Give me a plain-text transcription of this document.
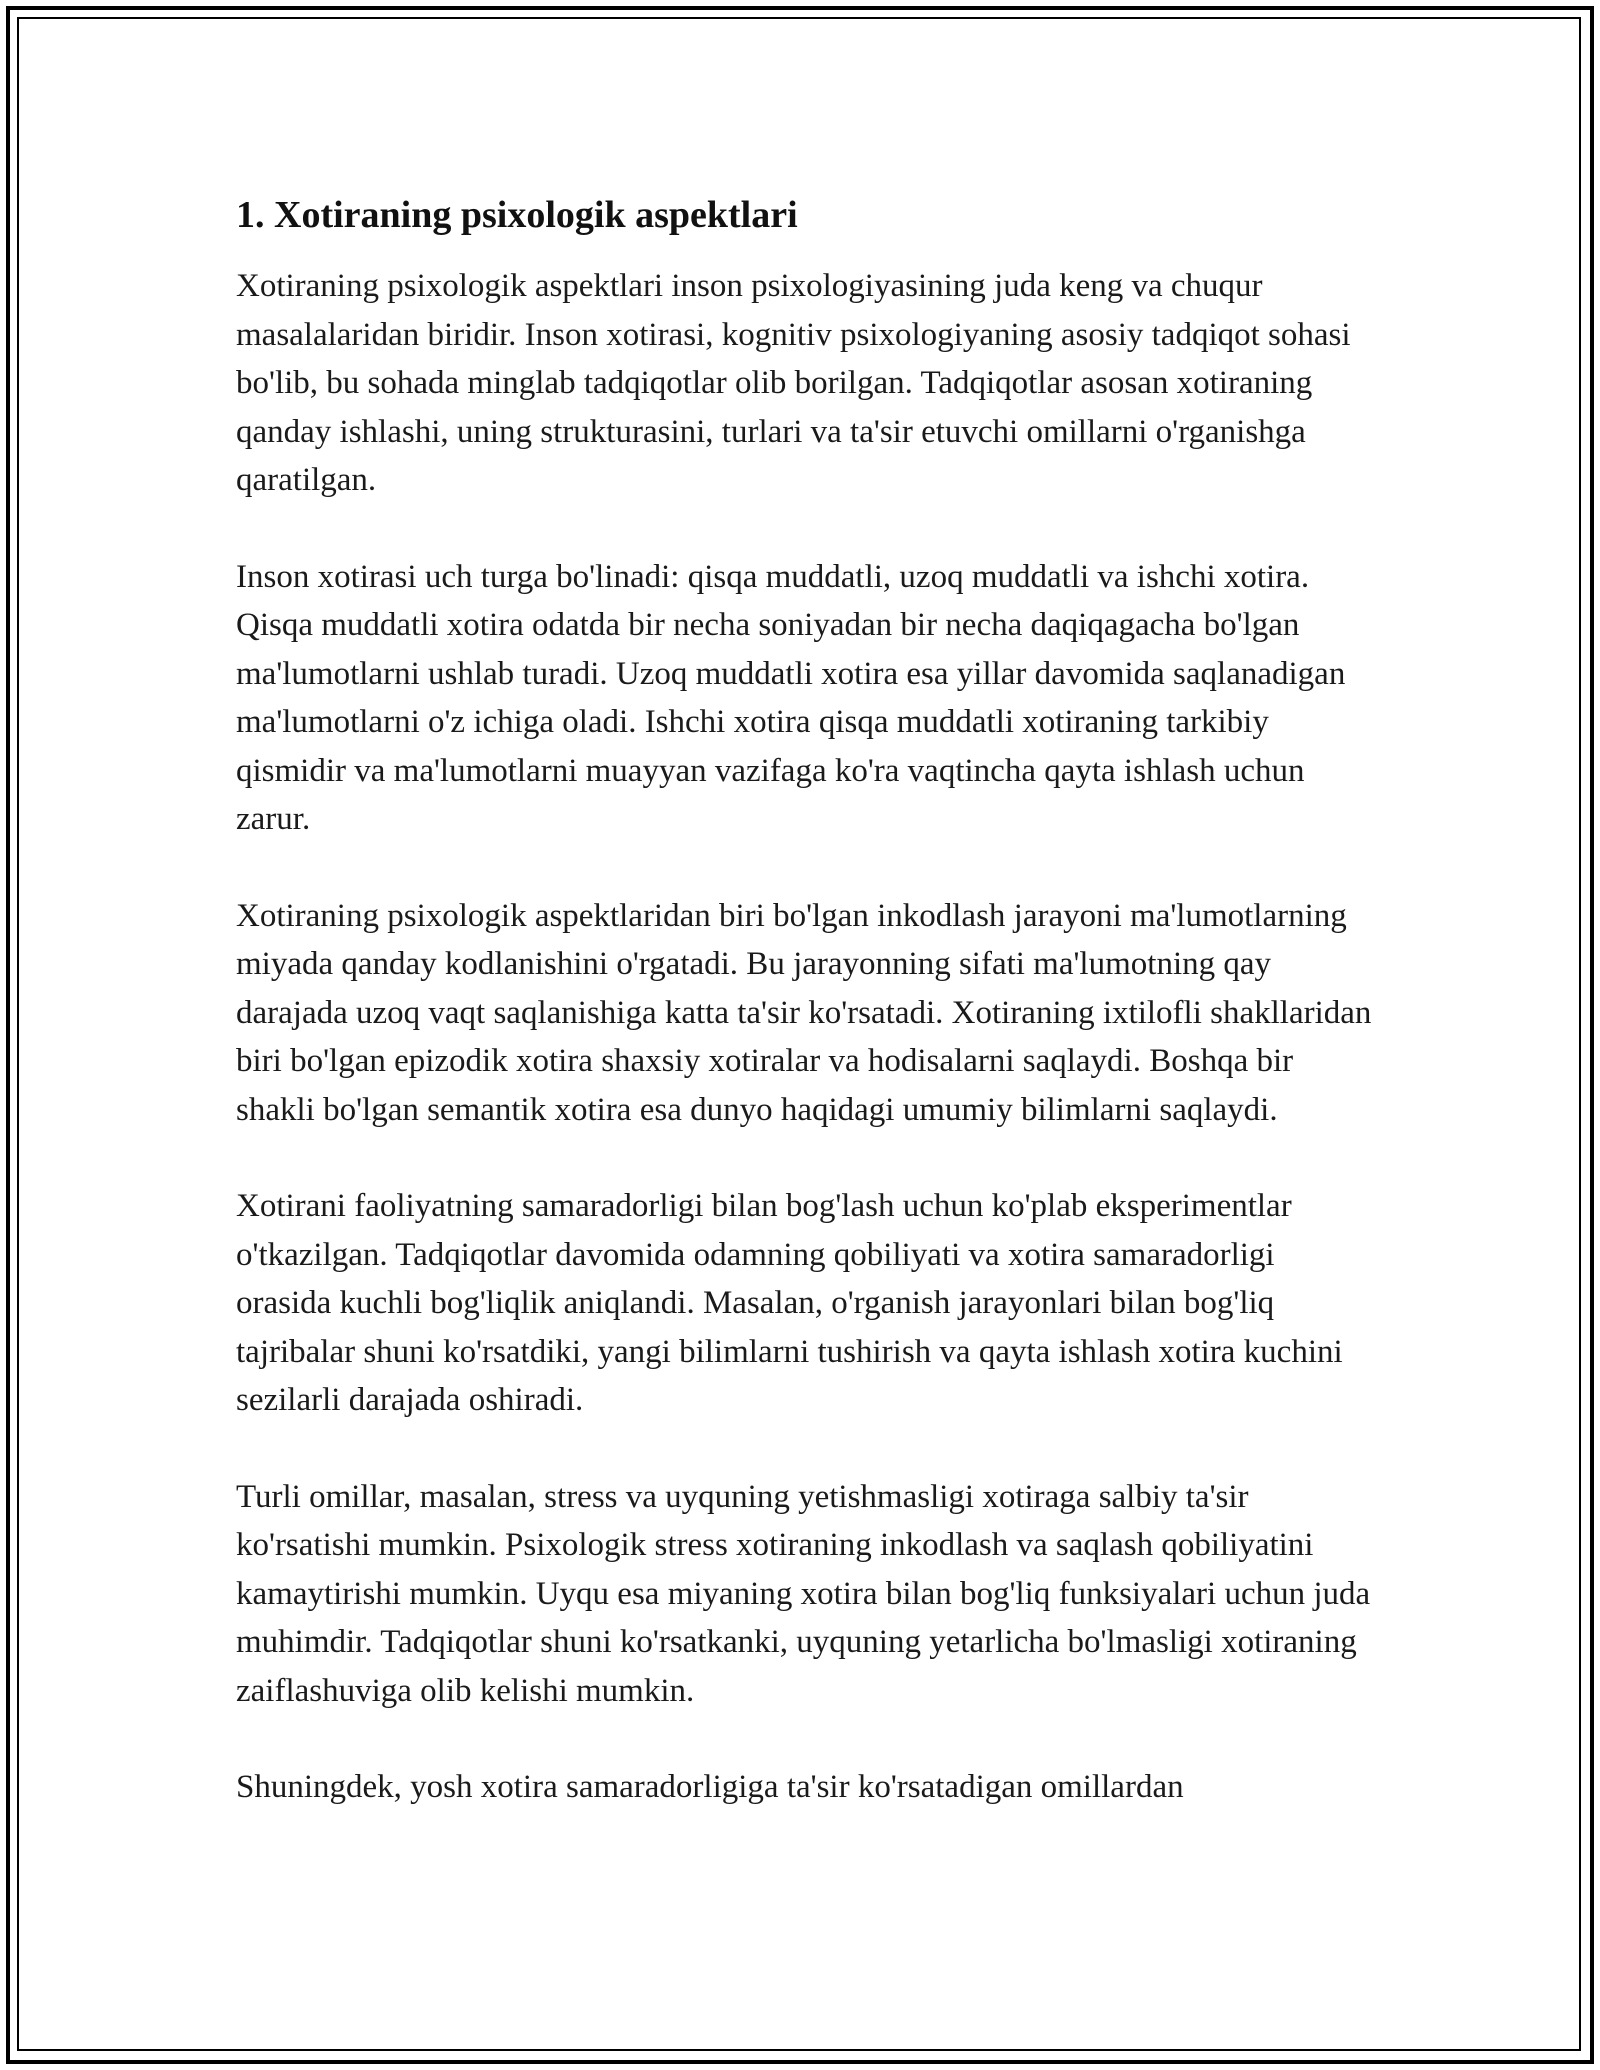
1. Xotiraning psixologik aspektlari

Xotiraning psixologik aspektlari inson psixologiyasining juda keng va chuqur masalalaridan biridir. Inson xotirasi, kognitiv psixologiyaning asosiy tadqiqot sohasi bo'lib, bu sohada minglab tadqiqotlar olib borilgan. Tadqiqotlar asosan xotiraning qanday ishlashi, uning strukturasini, turlari va ta'sir etuvchi omillarni o'rganishga qaratilgan.

Inson xotirasi uch turga bo'linadi: qisqa muddatli, uzoq muddatli va ishchi xotira. Qisqa muddatli xotira odatda bir necha soniyadan bir necha daqiqagacha bo'lgan ma'lumotlarni ushlab turadi. Uzoq muddatli xotira esa yillar davomida saqlanadigan ma'lumotlarni o'z ichiga oladi. Ishchi xotira qisqa muddatli xotiraning tarkibiy qismidir va ma'lumotlarni muayyan vazifaga ko'ra vaqtincha qayta ishlash uchun zarur.

Xotiraning psixologik aspektlaridan biri bo'lgan inkodlash jarayoni ma'lumotlarning miyada qanday kodlanishini o'rgatadi. Bu jarayonning sifati ma'lumotning qay darajada uzoq vaqt saqlanishiga katta ta'sir ko'rsatadi. Xotiraning ixtilofli shakllaridan biri bo'lgan epizodik xotira shaxsiy xotiralar va hodisalarni saqlaydi. Boshqa bir shakli bo'lgan semantik xotira esa dunyo haqidagi umumiy bilimlarni saqlaydi.

Xotirani faoliyatning samaradorligi bilan bog'lash uchun ko'plab eksperimentlar o'tkazilgan. Tadqiqotlar davomida odamning qobiliyati va xotira samaradorligi orasida kuchli bog'liqlik aniqlandi. Masalan, o'rganish jarayonlari bilan bog'liq tajribalar shuni ko'rsatdiki, yangi bilimlarni tushirish va qayta ishlash xotira kuchini sezilarli darajada oshiradi.

Turli omillar, masalan, stress va uyquning yetishmasligi xotiraga salbiy ta'sir ko'rsatishi mumkin. Psixologik stress xotiraning inkodlash va saqlash qobiliyatini kamaytirishi mumkin. Uyqu esa miyaning xotira bilan bog'liq funksiyalari uchun juda muhimdir. Tadqiqotlar shuni ko'rsatkanki, uyquning yetarlicha bo'lmasligi xotiraning zaiflashuviga olib kelishi mumkin.

Shuningdek, yosh xotira samaradorligiga ta'sir ko'rsatadigan omillardan
